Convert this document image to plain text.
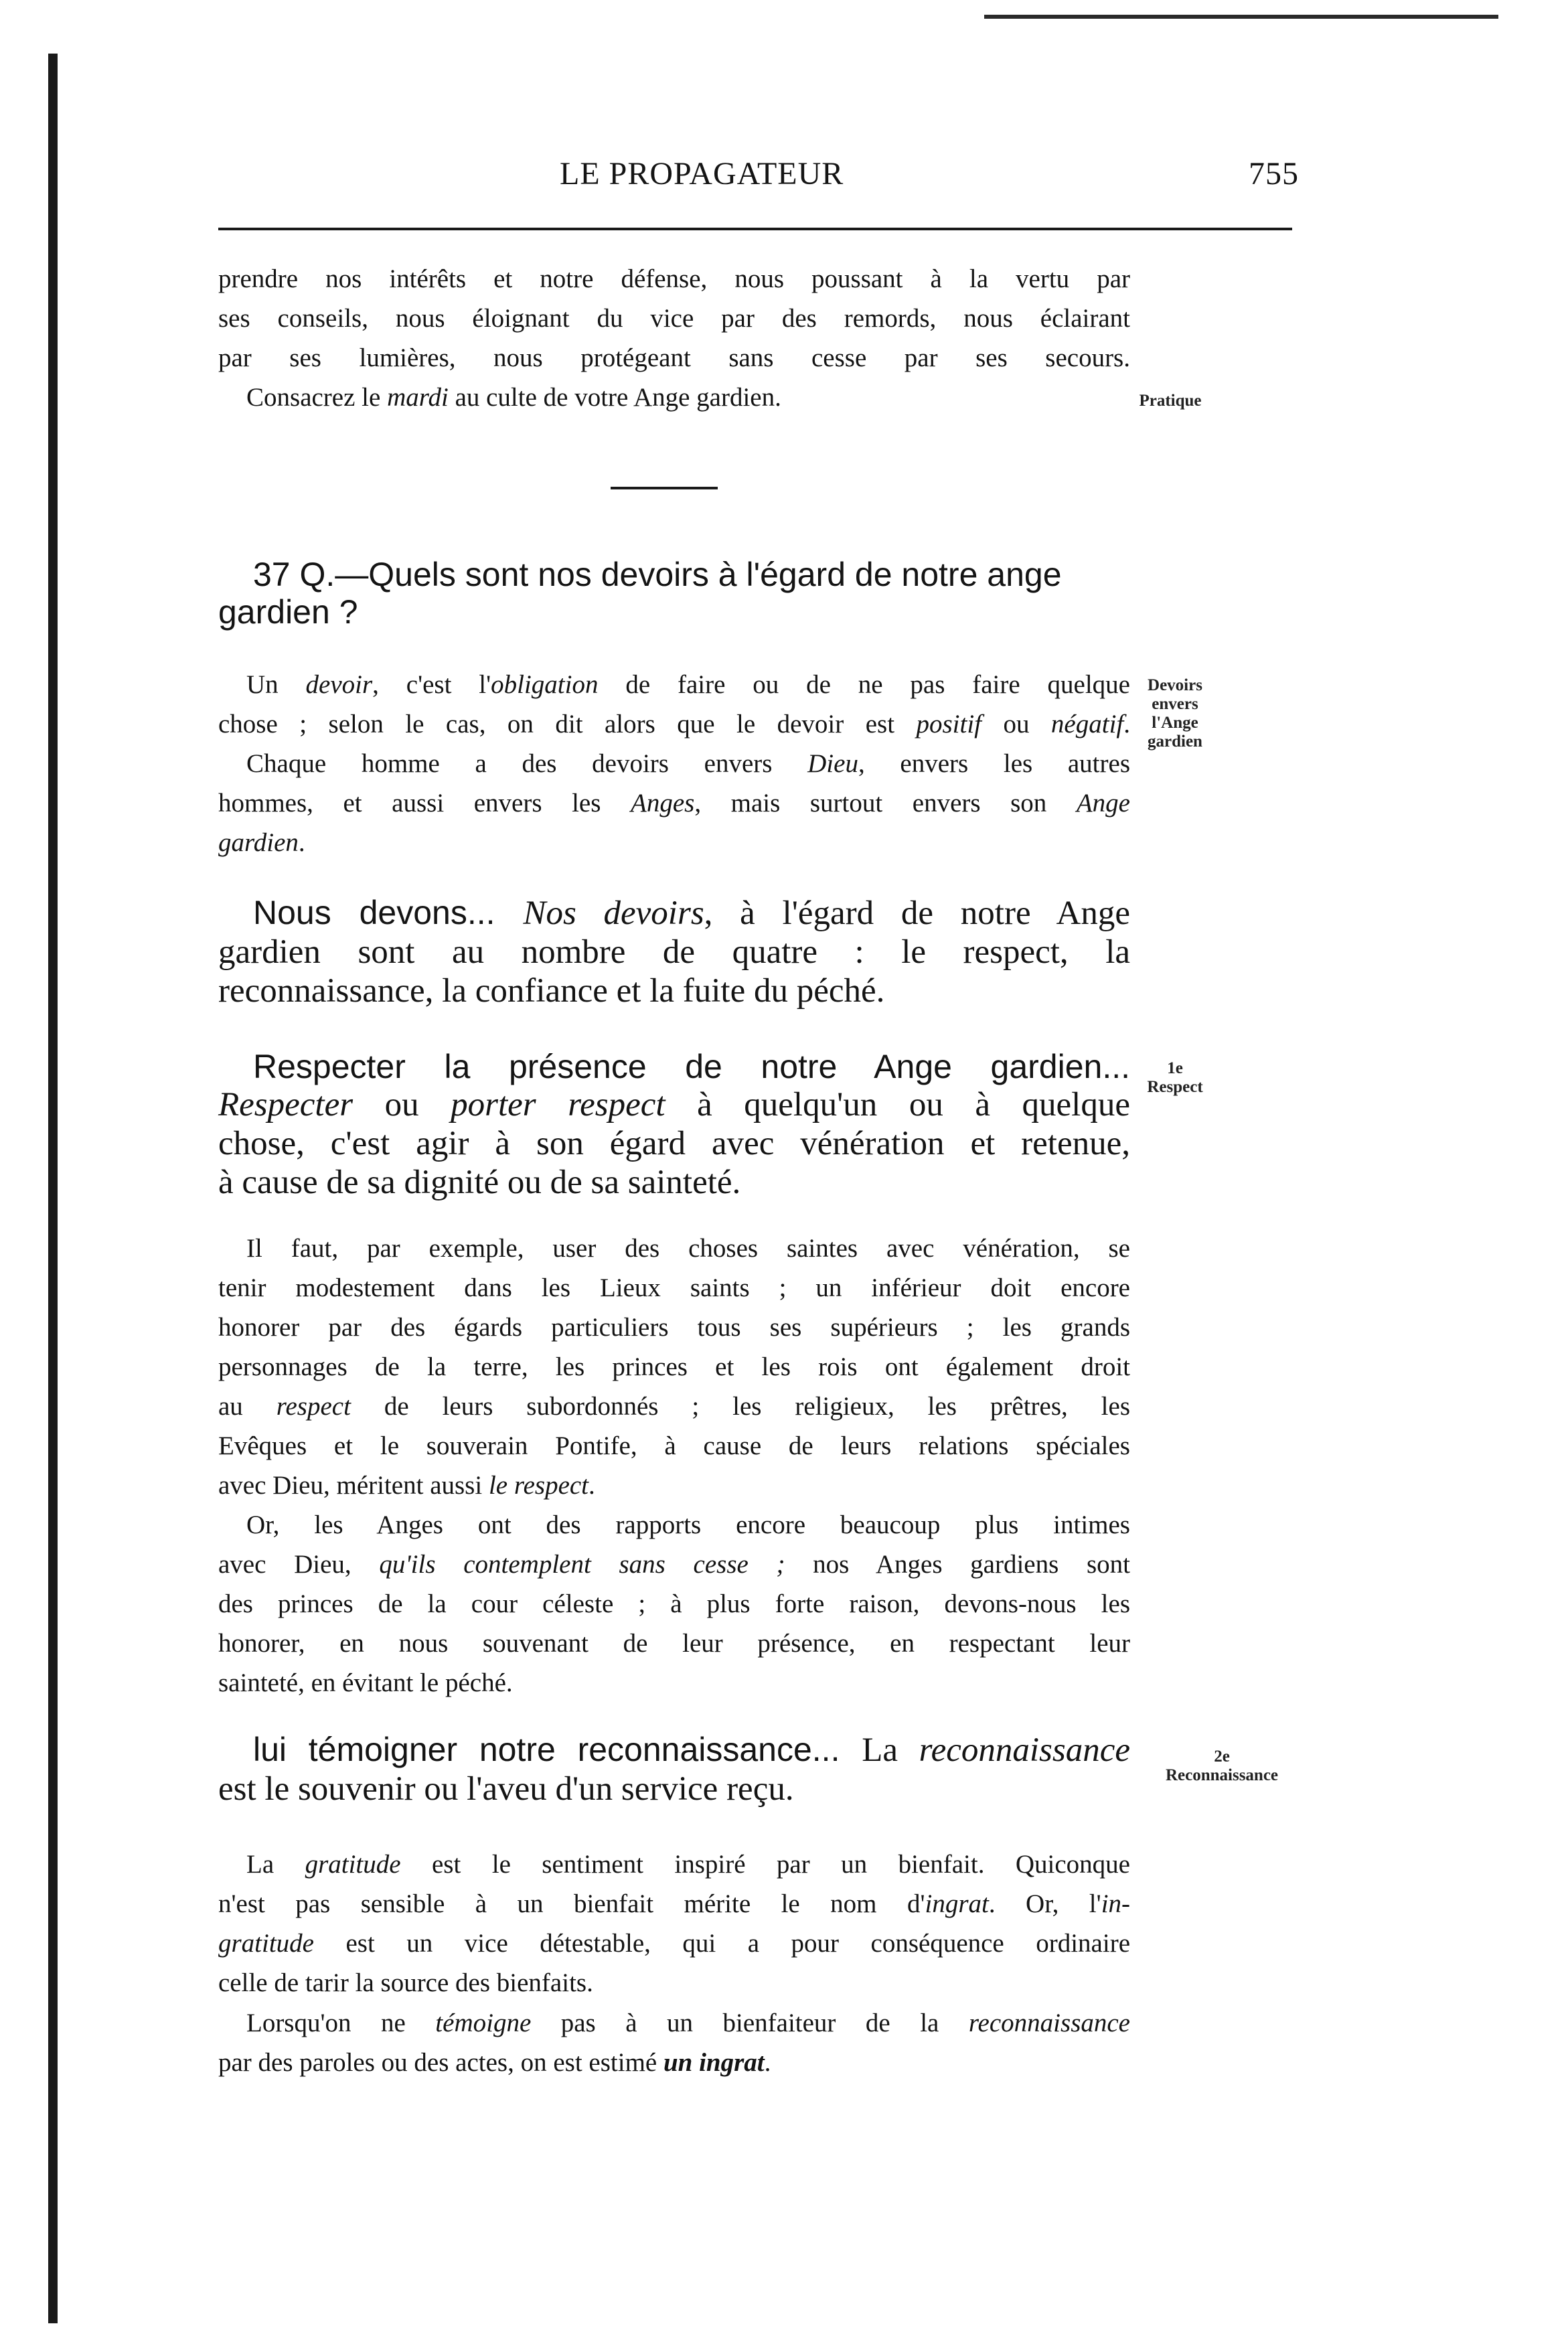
LE PROPAGATEUR	755
prendre nos intérêts et notre défense, nous poussant à la vertu par
ses conseils, nous éloignant du vice par des remords, nous éclairant
par ses lumières, nous protégeant sans cesse par ses secours.
Consacrez le mardi au culte de votre Ange gardien.	Pratique
37 Q.—Quels sont nos devoirs à l'égard de notre ange
gardien ?
Un devoir, c'est l'obligation de faire ou de ne pas faire quelque
chose ; selon le cas, on dit alors que le devoir est positif ou négatif.
Chaque homme a des devoirs envers Dieu, envers les autres
hommes, et aussi envers les Anges, mais surtout envers son Ange
gardien.
Devoirs
envers
l'Ange
gardien
Nous devons... Nos devoirs, à l'égard de notre Ange
gardien sont au nombre de quatre : le respect, la
reconnaissance, la confiance et la fuite du péché.
Respecter la présence de notre Ange gardien...
Respecter ou porter respect à quelqu'un ou à quelque
chose, c'est agir à son égard avec vénération et retenue,
à cause de sa dignité ou de sa sainteté.
1e
Respect
Il faut, par exemple, user des choses saintes avec vénération, se
tenir modestement dans les Lieux saints ; un inférieur doit encore
honorer par des égards particuliers tous ses supérieurs ; les grands
personnages de la terre, les princes et les rois ont également droit
au respect de leurs subordonnés ; les religieux, les prêtres, les
Evêques et le souverain Pontife, à cause de leurs relations spéciales
avec Dieu, méritent aussi le respect.
Or, les Anges ont des rapports encore beaucoup plus intimes
avec Dieu, qu'ils contemplent sans cesse ; nos Anges gardiens sont
des princes de la cour céleste ; à plus forte raison, devons-nous les
honorer, en nous souvenant de leur présence, en respectant leur
sainteté, en évitant le péché.
lui témoigner notre reconnaissance... La reconnaissance
est le souvenir ou l'aveu d'un service reçu.
2e
Reconnaissance
La gratitude est le sentiment inspiré par un bienfait. Quiconque
n'est pas sensible à un bienfait mérite le nom d'ingrat. Or, l'in-
gratitude est un vice détestable, qui a pour conséquence ordinaire
celle de tarir la source des bienfaits.
Lorsqu'on ne témoigne pas à un bienfaiteur de la reconnaissance
par des paroles ou des actes, on est estimé un ingrat.
